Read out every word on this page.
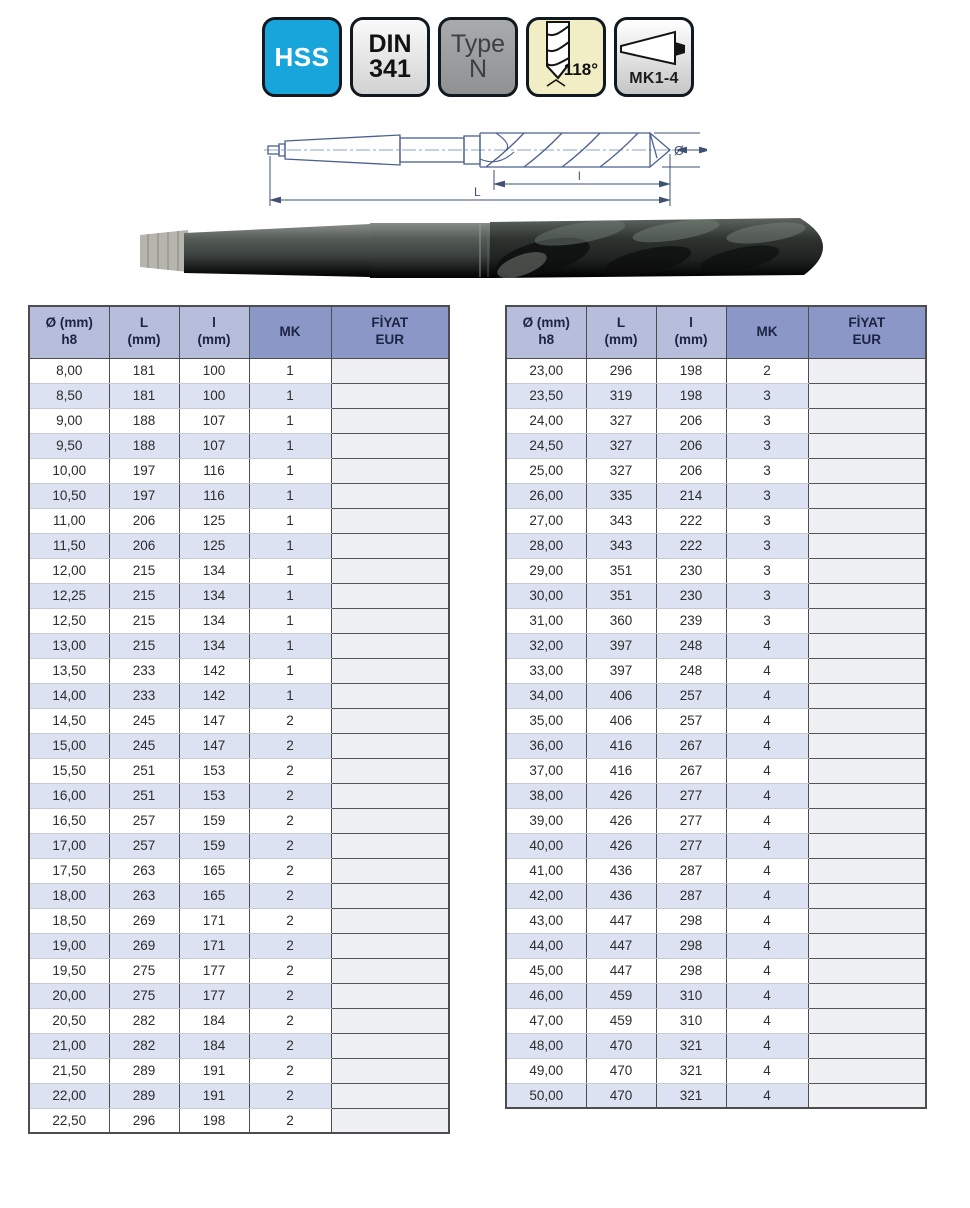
HSS DIN
341
Type
N	118°	MK1-4
Ø
l
L
Ø (mm)
h8

L
(mm)

l
(mm)

MK

FİYAT
EUR

8,00	181	100	1	
8,50	181	100	1	
9,00	188	107	1	
9,50	188	107	1	
10,00	197	116	1	
10,50	197	116	1	
11,00	206	125	1	
11,50	206	125	1	
12,00	215	134	1	
12,25	215	134	1	
12,50	215	134	1	
13,00	215	134	1	
13,50	233	142	1	
14,00	233	142	1	
14,50	245	147	2	
15,00	245	147	2	
15,50	251	153	2	
16,00	251	153	2	
16,50	257	159	2	
17,00	257	159	2	
17,50	263	165	2	
18,00	263	165	2	
18,50	269	171	2	
19,00	269	171	2	
19,50	275	177	2	
20,00	275	177	2	
20,50	282	184	2	
21,00	282	184	2	
21,50	289	191	2	
22,00	289	191	2	
22,50	296	198	2	
Ø (mm)
h8

L
(mm)

l
(mm)

MK

FİYAT
EUR

23,00	296	198	2	
23,50	319	198	3	
24,00	327	206	3	
24,50	327	206	3	
25,00	327	206	3	
26,00	335	214	3	
27,00	343	222	3	
28,00	343	222	3	
29,00	351	230	3	
30,00	351	230	3	
31,00	360	239	3	
32,00	397	248	4	
33,00	397	248	4	
34,00	406	257	4	
35,00	406	257	4	
36,00	416	267	4	
37,00	416	267	4	
38,00	426	277	4	
39,00	426	277	4	
40,00	426	277	4	
41,00	436	287	4	
42,00	436	287	4	
43,00	447	298	4	
44,00	447	298	4	
45,00	447	298	4	
46,00	459	310	4	
47,00	459	310	4	
48,00	470	321	4	
49,00	470	321	4	
50,00	470	321	4	
